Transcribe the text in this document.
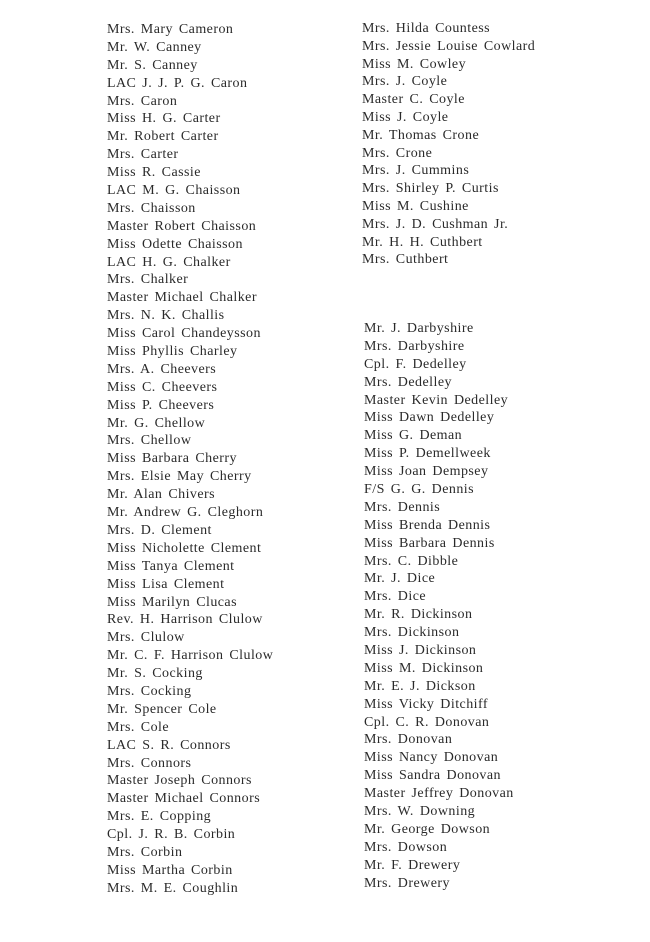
Mrs. Mary Cameron
Mr. W. Canney
Mr. S. Canney
LAC J. J. P. G. Caron
Mrs. Caron
Miss H. G. Carter
Mr. Robert Carter
Mrs. Carter
Miss R. Cassie
LAC M. G. Chaisson
Mrs. Chaisson
Master Robert Chaisson
Miss Odette Chaisson
LAC H. G. Chalker
Mrs. Chalker
Master Michael Chalker
Mrs. N. K. Challis
Miss Carol Chandeysson
Miss Phyllis Charley
Mrs. A. Cheevers
Miss C. Cheevers
Miss P. Cheevers
Mr. G. Chellow
Mrs. Chellow
Miss Barbara Cherry
Mrs. Elsie May Cherry
Mr. Alan Chivers
Mr. Andrew G. Cleghorn
Mrs. D. Clement
Miss Nicholette Clement
Miss Tanya Clement
Miss Lisa Clement
Miss Marilyn Clucas
Rev. H. Harrison Clulow
Mrs. Clulow
Mr. C. F. Harrison Clulow
Mr. S. Cocking
Mrs. Cocking
Mr. Spencer Cole
Mrs. Cole
LAC S. R. Connors
Mrs. Connors
Master Joseph Connors
Master Michael Connors
Mrs. E. Copping
Cpl. J. R. B. Corbin
Mrs. Corbin
Miss Martha Corbin
Mrs. M. E. Coughlin
Mrs. Hilda Countess
Mrs. Jessie Louise Cowlard
Miss M. Cowley
Mrs. J. Coyle
Master C. Coyle
Miss J. Coyle
Mr. Thomas Crone
Mrs. Crone
Mrs. J. Cummins
Mrs. Shirley P. Curtis
Miss M. Cushine
Mrs. J. D. Cushman Jr.
Mr. H. H. Cuthbert
Mrs. Cuthbert
Mr. J. Darbyshire
Mrs. Darbyshire
Cpl. F. Dedelley
Mrs. Dedelley
Master Kevin Dedelley
Miss Dawn Dedelley
Miss G. Deman
Miss P. Demellweek
Miss Joan Dempsey
F/S G. G. Dennis
Mrs. Dennis
Miss Brenda Dennis
Miss Barbara Dennis
Mrs. C. Dibble
Mr. J. Dice
Mrs. Dice
Mr. R. Dickinson
Mrs. Dickinson
Miss J. Dickinson
Miss M. Dickinson
Mr. E. J. Dickson
Miss Vicky Ditchiff
Cpl. C. R. Donovan
Mrs. Donovan
Miss Nancy Donovan
Miss Sandra Donovan
Master Jeffrey Donovan
Mrs. W. Downing
Mr. George Dowson
Mrs. Dowson
Mr. F. Drewery
Mrs. Drewery
